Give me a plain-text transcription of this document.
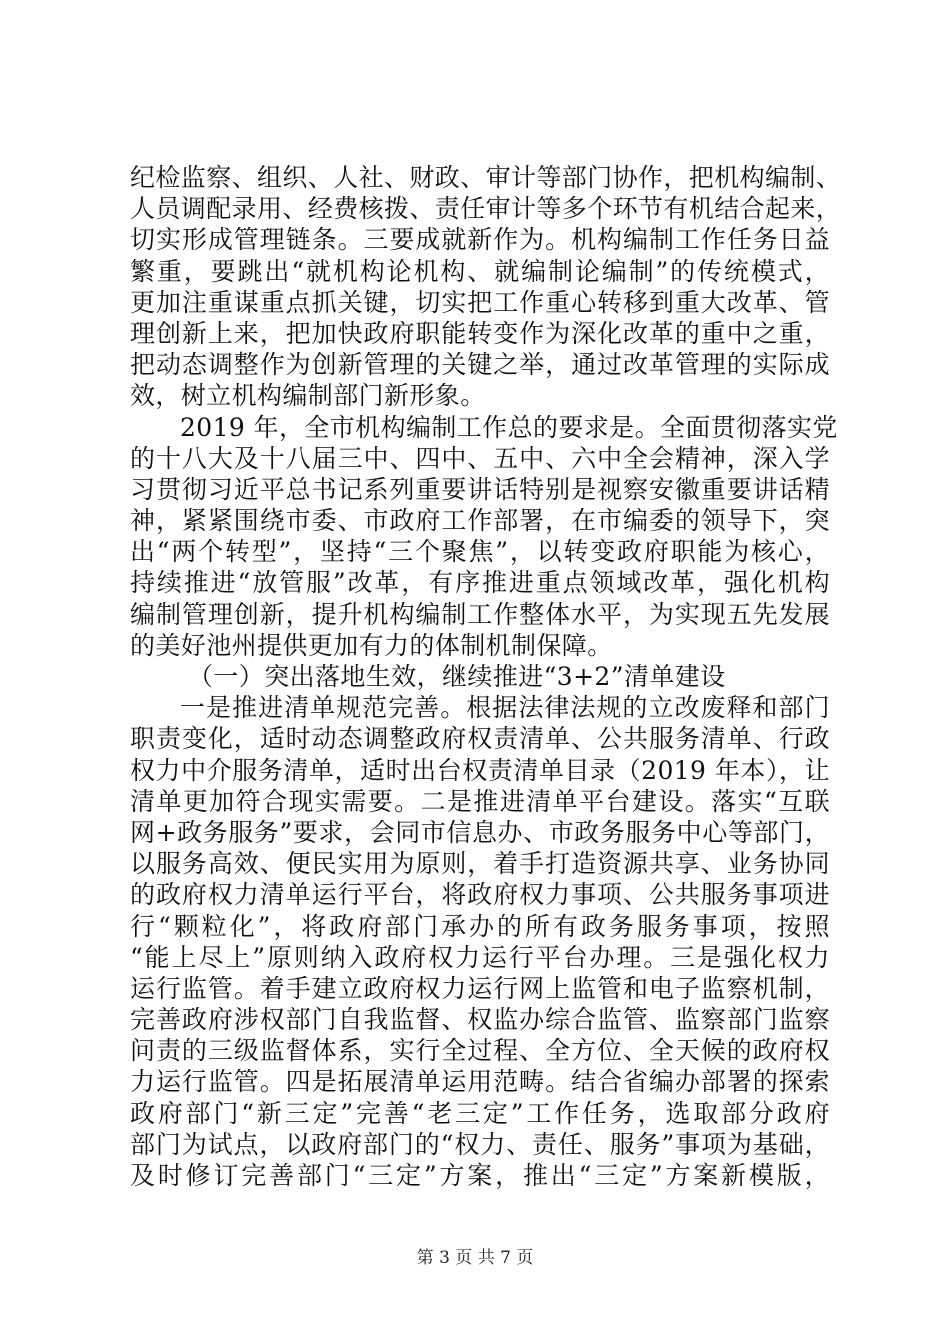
纪检监察、组织、人社、财政、审计等部门协作，把机构编制、
人员调配录用、经费核拨、责任审计等多个环节有机结合起来，
切实形成管理链条。三要成就新作为。机构编制工作任务日益
繁重，要跳出“就机构论机构、就编制论编制”的传统模式，
更加注重谋重点抓关键，切实把工作重心转移到重大改革、管
理创新上来，把加快政府职能转变作为深化改革的重中之重，
把动态调整作为创新管理的关键之举，通过改革管理的实际成
效，树立机构编制部门新形象。
2019 年，全市机构编制工作总的要求是。全面贯彻落实党
的十八大及十八届三中、四中、五中、六中全会精神，深入学
习贯彻习近平总书记系列重要讲话特别是视察安徽重要讲话精
神，紧紧围绕市委、市政府工作部署，在市编委的领导下，突
出“两个转型”，坚持“三个聚焦”，以转变政府职能为核心，
持续推进“放管服”改革，有序推进重点领域改革，强化机构
编制管理创新，提升机构编制工作整体水平，为实现五先发展
的美好池州提供更加有力的体制机制保障。
（一）突出落地生效，继续推进“3+2”清单建设
一是推进清单规范完善。根据法律法规的立改废释和部门
职责变化，适时动态调整政府权责清单、公共服务清单、行政
权力中介服务清单，适时出台权责清单目录（2019 年本），让
清单更加符合现实需要。二是推进清单平台建设。落实“互联
网+政务服务”要求，会同市信息办、市政务服务中心等部门，
以服务高效、便民实用为原则，着手打造资源共享、业务协同
的政府权力清单运行平台，将政府权力事项、公共服务事项进
行“颗粒化”，将政府部门承办的所有政务服务事项，按照
“能上尽上”原则纳入政府权力运行平台办理。三是强化权力
运行监管。着手建立政府权力运行网上监管和电子监察机制，
完善政府涉权部门自我监督、权监办综合监管、监察部门监察
问责的三级监督体系，实行全过程、全方位、全天候的政府权
力运行监管。四是拓展清单运用范畴。结合省编办部署的探索
政府部门“新三定”完善“老三定”工作任务，选取部分政府
部门为试点，以政府部门的“权力、责任、服务”事项为基础，
及时修订完善部门“三定”方案，推出“三定”方案新模版，
第 3 页 共 7 页
